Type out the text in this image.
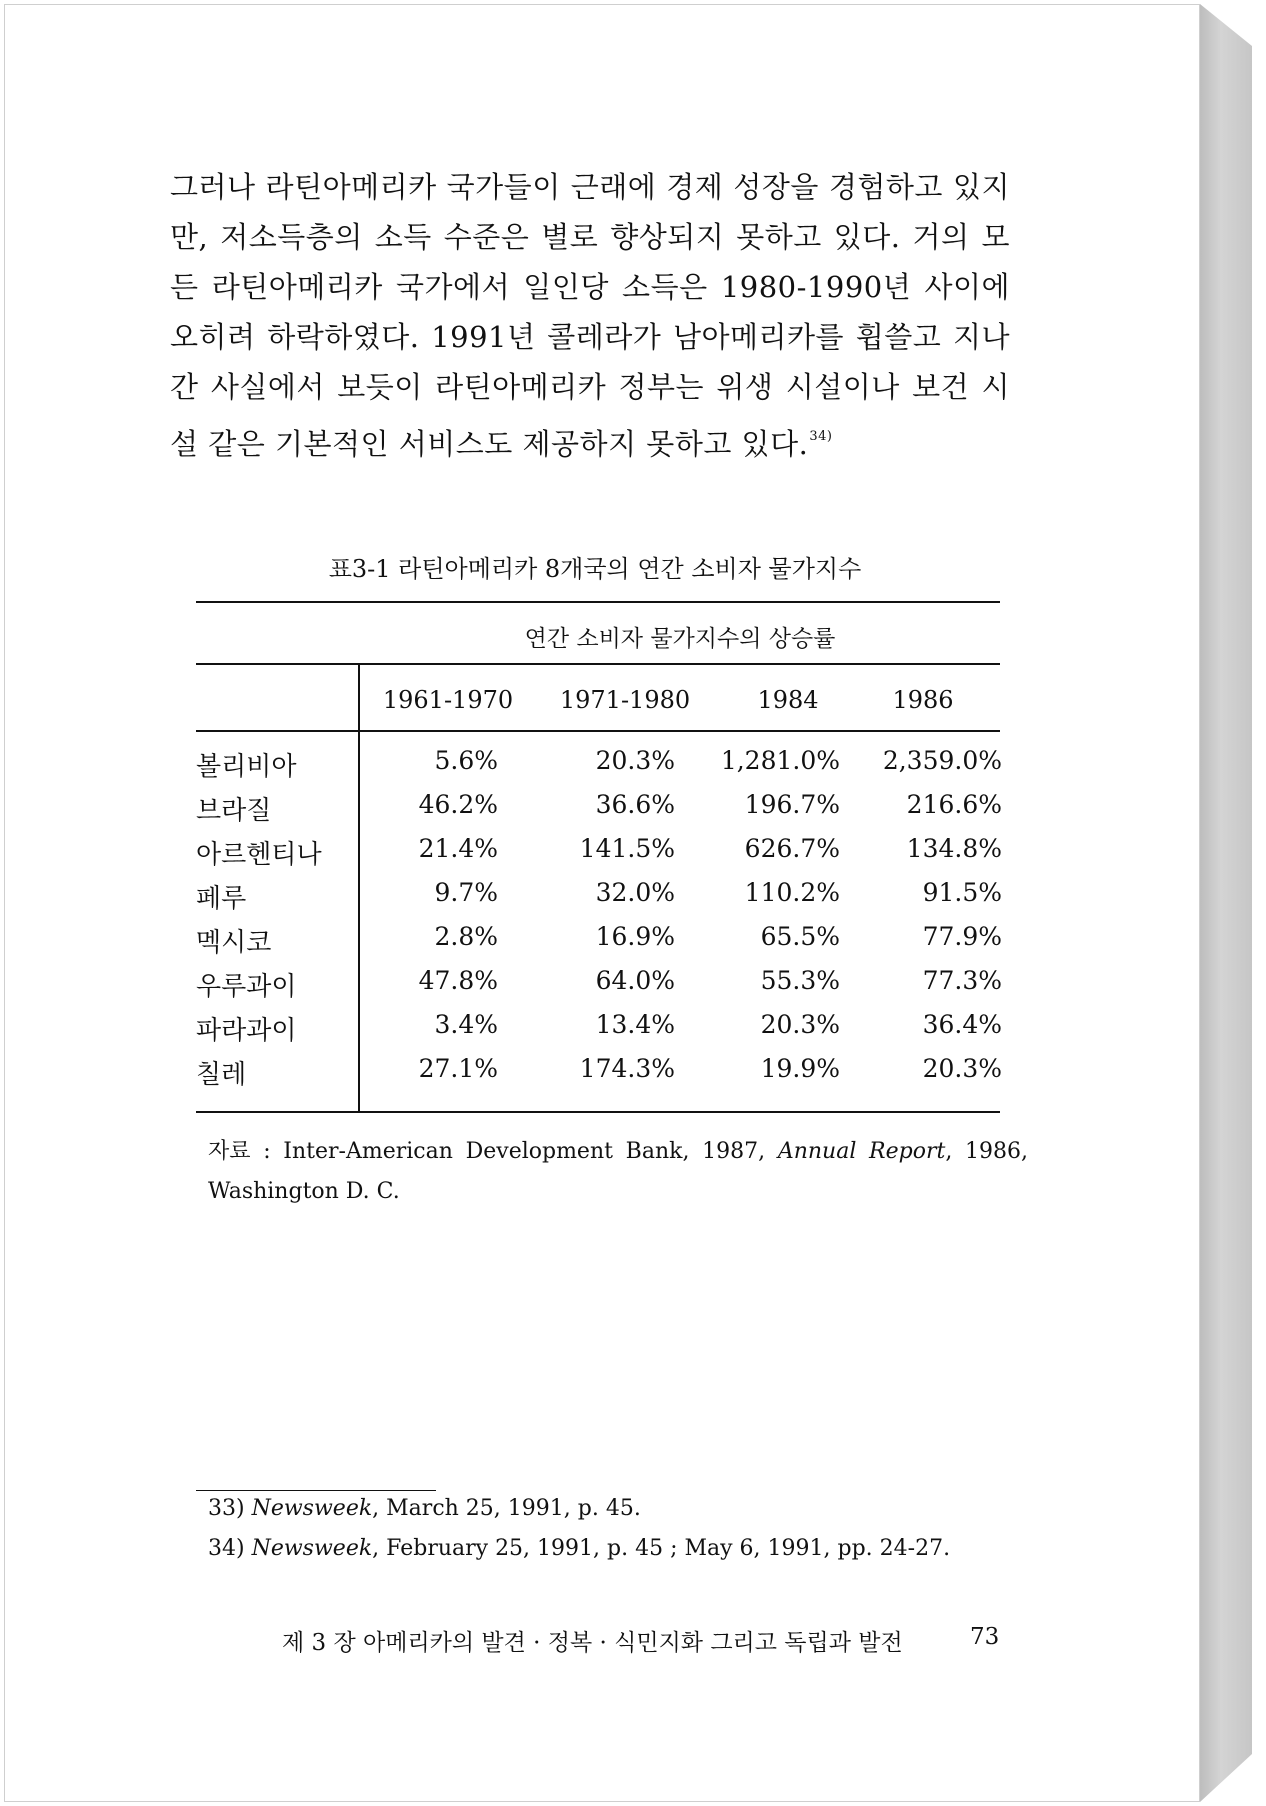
그러나 라틴아메리카 국가들이 근래에 경제 성장을 경험하고 있지만, 저소득층의 소득 수준은 별로 향상되지 못하고 있다. 거의 모든 라틴아메리카 국가에서 일인당 소득은 1980-1990년 사이에 오히려 하락하였다. 1991년 콜레라가 남아메리카를 휩쓸고 지나간 사실에서 보듯이 라틴아메리카 정부는 위생 시설이나 보건 시설 같은 기본적인 서비스도 제공하지 못하고 있다.$^{34)}$

표3-1 라틴아메리카 8개국의 연간 소비자 물가지수
연간 소비자 물가지수의 상승률
1961-1970 1971-1980	1984	1986
볼리비아	5.6%	20.3% 1,281.0% 2,359.0%
브라질	46.2%	36.6%	196.7%	216.6%
아르헨티나	21.4%	141.5%	626.7%	134.8%
페루	9.7%	32.0%	110.2%	91.5%
멕시코	2.8%	16.9%	65.5%	77.9%
우루과이	47.8%	64.0%	55.3%	77.3%
파라과이	3.4%	13.4%	20.3%	36.4%
칠레	27.1%	174.3%	19.9%	20.3%
자료 : Inter-American Development Bank, 1987, Annual Report, 1986, Washington D. C.
33) Newsweek, March 25, 1991, p. 45.
34) Newsweek, February 25, 1991, p. 45 ; May 6, 1991, pp. 24-27.
제 3 장 아메리카의 발견 · 정복 · 식민지화 그리고 독립과 발전	73
